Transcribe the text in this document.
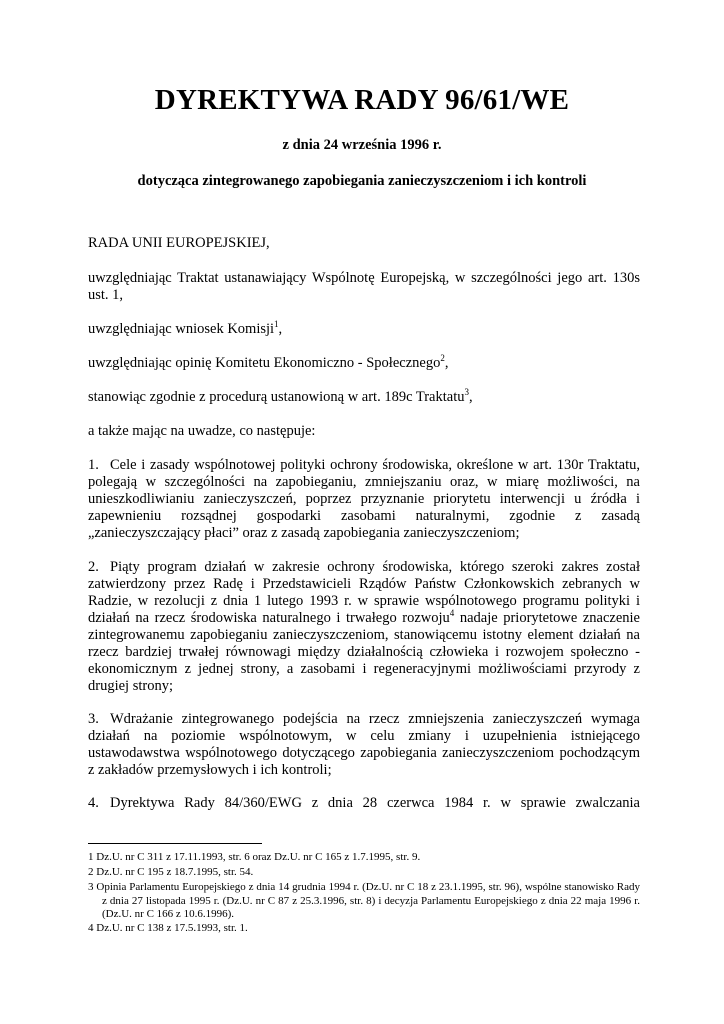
DYREKTYWA RADY 96/61/WE
z dnia 24 września 1996 r.
dotycząca zintegrowanego zapobiegania zanieczyszczeniom i ich kontroli
RADA UNII EUROPEJSKIEJ,
uwzględniając Traktat ustanawiający Wspólnotę Europejską, w szczególności jego art. 130s ust. 1,
uwzględniając wniosek Komisji$^1$,
uwzględniając opinię Komitetu Ekonomiczno - Społecznego$^2$,
stanowiąc zgodnie z procedurą ustanowioną w art. 189c Traktatu$^3$,
a także mając na uwadze, co następuje:
1. Cele i zasady wspólnotowej polityki ochrony środowiska, określone w art. 130r Traktatu, polegają w szczególności na zapobieganiu, zmniejszaniu oraz, w miarę możliwości, na unieszkodliwianiu zanieczyszczeń, poprzez przyznanie priorytetu interwencji u źródła i zapewnieniu rozsądnej gospodarki zasobami naturalnymi, zgodnie z zasadą „zanieczyszczający płaci” oraz z zasadą zapobiegania zanieczyszczeniom;
2. Piąty program działań w zakresie ochrony środowiska, którego szeroki zakres został zatwierdzony przez Radę i Przedstawicieli Rządów Państw Członkowskich zebranych w Radzie, w rezolucji z dnia 1 lutego 1993 r. w sprawie wspólnotowego programu polityki i działań na rzecz środowiska naturalnego i trwałego rozwoju$^4$ nadaje priorytetowe znaczenie zintegrowanemu zapobieganiu zanieczyszczeniom, stanowiącemu istotny element działań na rzecz bardziej trwałej równowagi między działalnością człowieka i rozwojem społeczno - ekonomicznym z jednej strony, a zasobami i regeneracyjnymi możliwościami przyrody z drugiej strony;
3. Wdrażanie zintegrowanego podejścia na rzecz zmniejszenia zanieczyszczeń wymaga działań na poziomie wspólnotowym, w celu zmiany i uzupełnienia istniejącego ustawodawstwa wspólnotowego dotyczącego zapobiegania zanieczyszczeniom pochodzącym z zakładów przemysłowych i ich kontroli;
4. Dyrektywa Rady 84/360/EWG z dnia 28 czerwca 1984 r. w sprawie zwalczania
1 Dz.U. nr C 311 z 17.11.1993, str. 6 oraz Dz.U. nr C 165 z 1.7.1995, str. 9.
2 Dz.U. nr C 195 z 18.7.1995, str. 54.
3 Opinia Parlamentu Europejskiego z dnia 14 grudnia 1994 r. (Dz.U. nr C 18 z 23.1.1995, str. 96), wspólne stanowisko Rady z dnia 27 listopada 1995 r. (Dz.U. nr C 87 z 25.3.1996, str. 8) i decyzja Parlamentu Europejskiego z dnia 22 maja 1996 r. (Dz.U. nr C 166 z 10.6.1996).
4 Dz.U. nr C 138 z 17.5.1993, str. 1.
